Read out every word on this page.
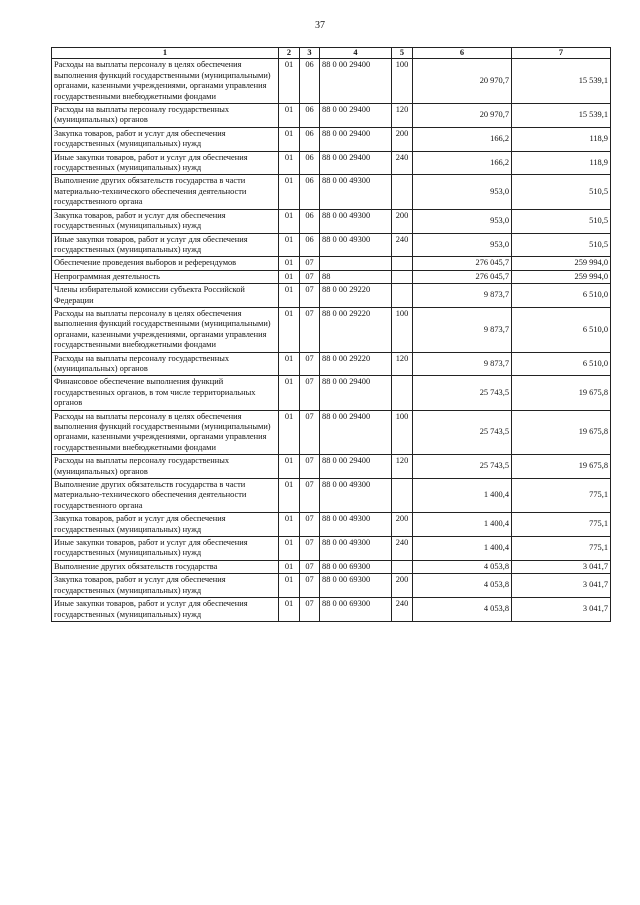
37
1	2	3	4	5	6	7
Расходы на выплаты персоналу в целях обеспечения выполнения функций государственными (муниципальными) органами, казенными учреждениями, органами управления государственными внебюджетными фондами	01	06	88 0 00 29400	100	20 970,7	15 539,1
Расходы на выплаты персоналу государственных (муниципальных) органов	01	06	88 0 00 29400	120	20 970,7	15 539,1
Закупка товаров, работ и услуг для обеспечения государственных (муниципальных) нужд	01	06	88 0 00 29400	200	166,2	118,9
Иные закупки товаров, работ и услуг для обеспечения государственных (муниципальных) нужд	01	06	88 0 00 29400	240	166,2	118,9
Выполнение других обязательств государства в части материально-технического обеспечения деятельности государственного органа	01	06	88 0 00 49300		953,0	510,5
Закупка товаров, работ и услуг для обеспечения государственных (муниципальных) нужд	01	06	88 0 00 49300	200	953,0	510,5
Иные закупки товаров, работ и услуг для обеспечения государственных (муниципальных) нужд	01	06	88 0 00 49300	240	953,0	510,5
Обеспечение проведения выборов и референдумов	01	07			276 045,7	259 994,0
Непрограммная деятельность	01	07	88		276 045,7	259 994,0
Члены избирательной комиссии субъекта Российской Федерации	01	07	88 0 00 29220		9 873,7	6 510,0
Расходы на выплаты персоналу в целях обеспечения выполнения функций государственными (муниципальными) органами, казенными учреждениями, органами управления государственными внебюджетными фондами	01	07	88 0 00 29220	100	9 873,7	6 510,0
Расходы на выплаты персоналу государственных (муниципальных) органов	01	07	88 0 00 29220	120	9 873,7	6 510,0
Финансовое обеспечение выполнения функций государственных органов, в том числе территориальных органов	01	07	88 0 00 29400		25 743,5	19 675,8
Расходы на выплаты персоналу в целях обеспечения выполнения функций государственными (муниципальными) органами, казенными учреждениями, органами управления государственными внебюджетными фондами	01	07	88 0 00 29400	100	25 743,5	19 675,8
Расходы на выплаты персоналу государственных (муниципальных) органов	01	07	88 0 00 29400	120	25 743,5	19 675,8
Выполнение других обязательств государства в части материально-технического обеспечения деятельности государственного органа	01	07	88 0 00 49300		1 400,4	775,1
Закупка товаров, работ и услуг для обеспечения государственных (муниципальных) нужд	01	07	88 0 00 49300	200	1 400,4	775,1
Иные закупки товаров, работ и услуг для обеспечения государственных (муниципальных) нужд	01	07	88 0 00 49300	240	1 400,4	775,1
Выполнение других обязательств государства	01	07	88 0 00 69300		4 053,8	3 041,7
Закупка товаров, работ и услуг для обеспечения государственных (муниципальных) нужд	01	07	88 0 00 69300	200	4 053,8	3 041,7
Иные закупки товаров, работ и услуг для обеспечения государственных (муниципальных) нужд	01	07	88 0 00 69300	240	4 053,8	3 041,7
